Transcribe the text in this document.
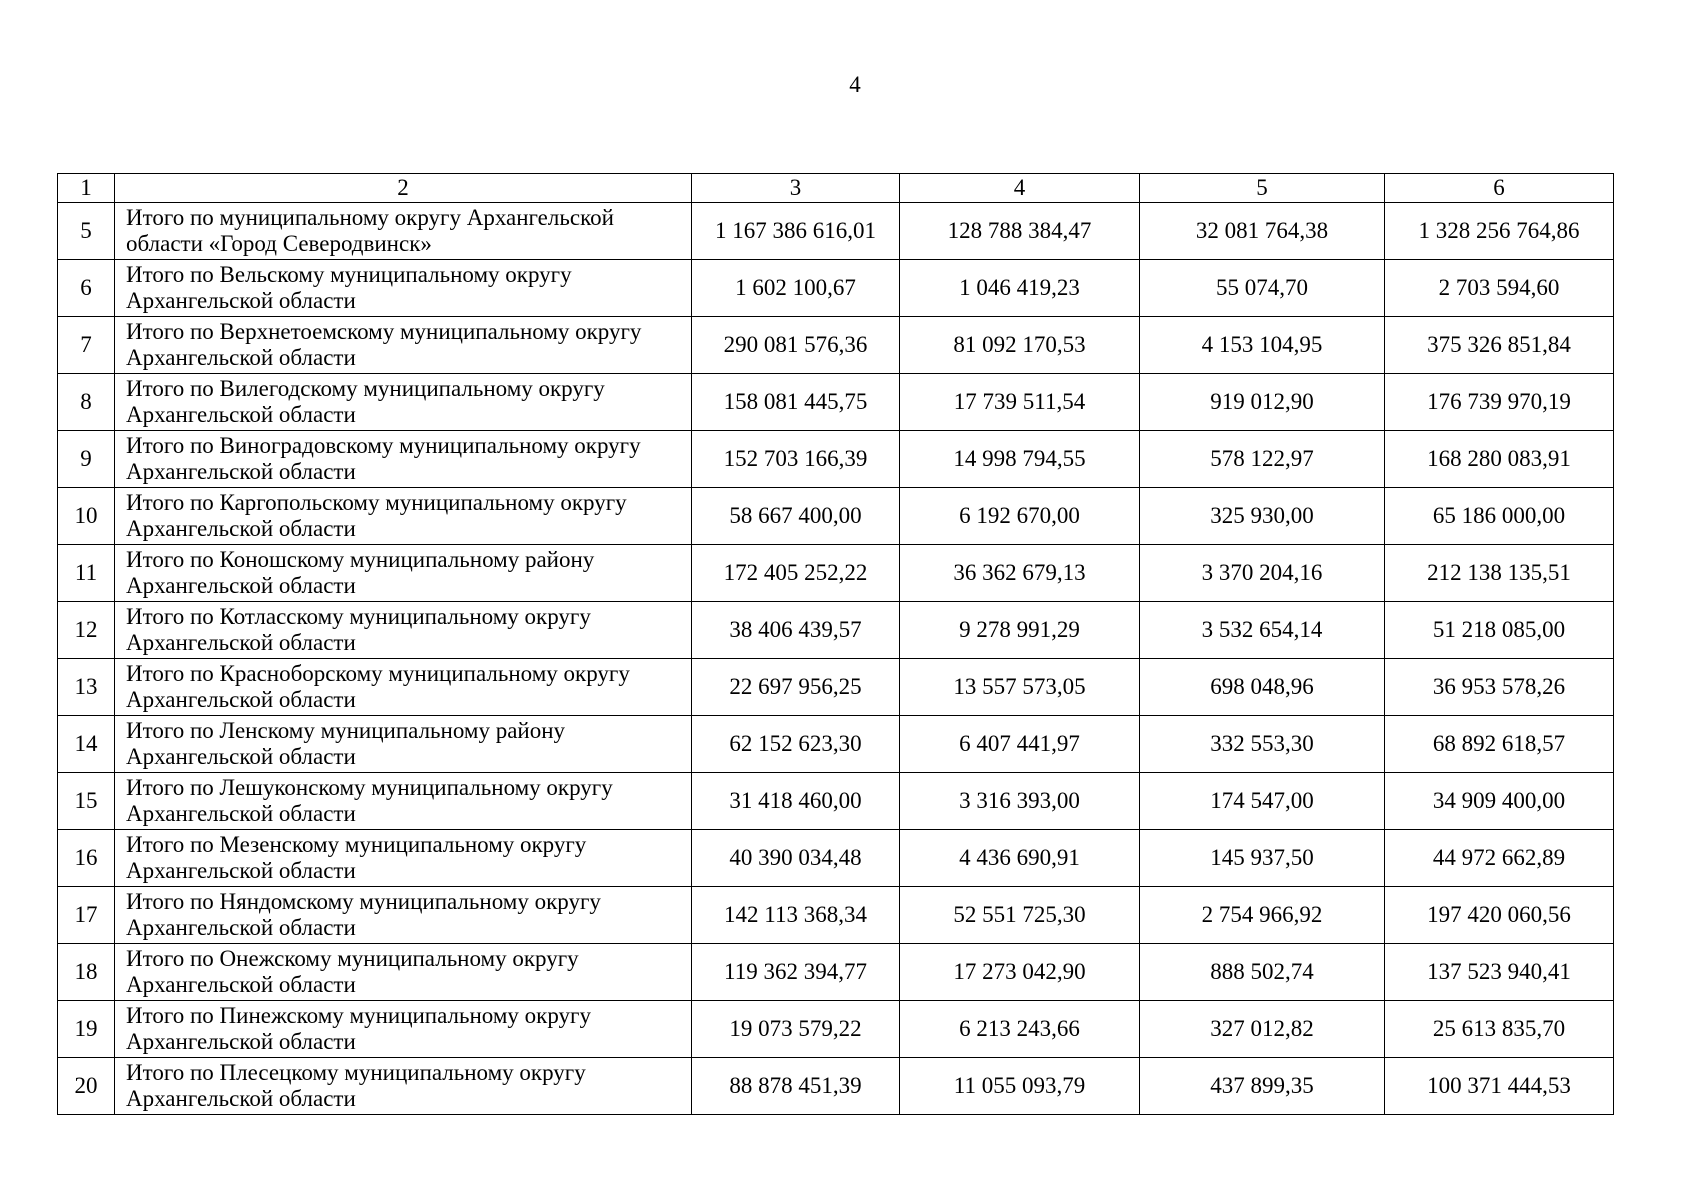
4
1	2	3	4	5	6
5	Итого по муниципальному округу Архангельской области «Город Северодвинск»	1 167 386 616,01	128 788 384,47	32 081 764,38	1 328 256 764,86
6	Итого по Вельскому муниципальному округу Архангельской области	1 602 100,67	1 046 419,23	55 074,70	2 703 594,60
7	Итого по Верхнетоемскому муниципальному округу Архангельской области	290 081 576,36	81 092 170,53	4 153 104,95	375 326 851,84
8	Итого по Вилегодскому муниципальному округу Архангельской области	158 081 445,75	17 739 511,54	919 012,90	176 739 970,19
9	Итого по Виноградовскому муниципальному округу Архангельской области	152 703 166,39	14 998 794,55	578 122,97	168 280 083,91
10	Итого по Каргопольскому муниципальному округу Архангельской области	58 667 400,00	6 192 670,00	325 930,00	65 186 000,00
11	Итого по Коношскому муниципальному району Архангельской области	172 405 252,22	36 362 679,13	3 370 204,16	212 138 135,51
12	Итого по Котласскому муниципальному округу Архангельской области	38 406 439,57	9 278 991,29	3 532 654,14	51 218 085,00
13	Итого по Красноборскому муниципальному округу Архангельской области	22 697 956,25	13 557 573,05	698 048,96	36 953 578,26
14	Итого по Ленскому муниципальному району Архангельской области	62 152 623,30	6 407 441,97	332 553,30	68 892 618,57
15	Итого по Лешуконскому муниципальному округу Архангельской области	31 418 460,00	3 316 393,00	174 547,00	34 909 400,00
16	Итого по Мезенскому муниципальному округу Архангельской области	40 390 034,48	4 436 690,91	145 937,50	44 972 662,89
17	Итого по Няндомскому муниципальному округу Архангельской области	142 113 368,34	52 551 725,30	2 754 966,92	197 420 060,56
18	Итого по Онежскому муниципальному округу Архангельской области	119 362 394,77	17 273 042,90	888 502,74	137 523 940,41
19	Итого по Пинежскому муниципальному округу Архангельской области	19 073 579,22	6 213 243,66	327 012,82	25 613 835,70
20	Итого по Плесецкому муниципальному округу Архангельской области	88 878 451,39	11 055 093,79	437 899,35	100 371 444,53
